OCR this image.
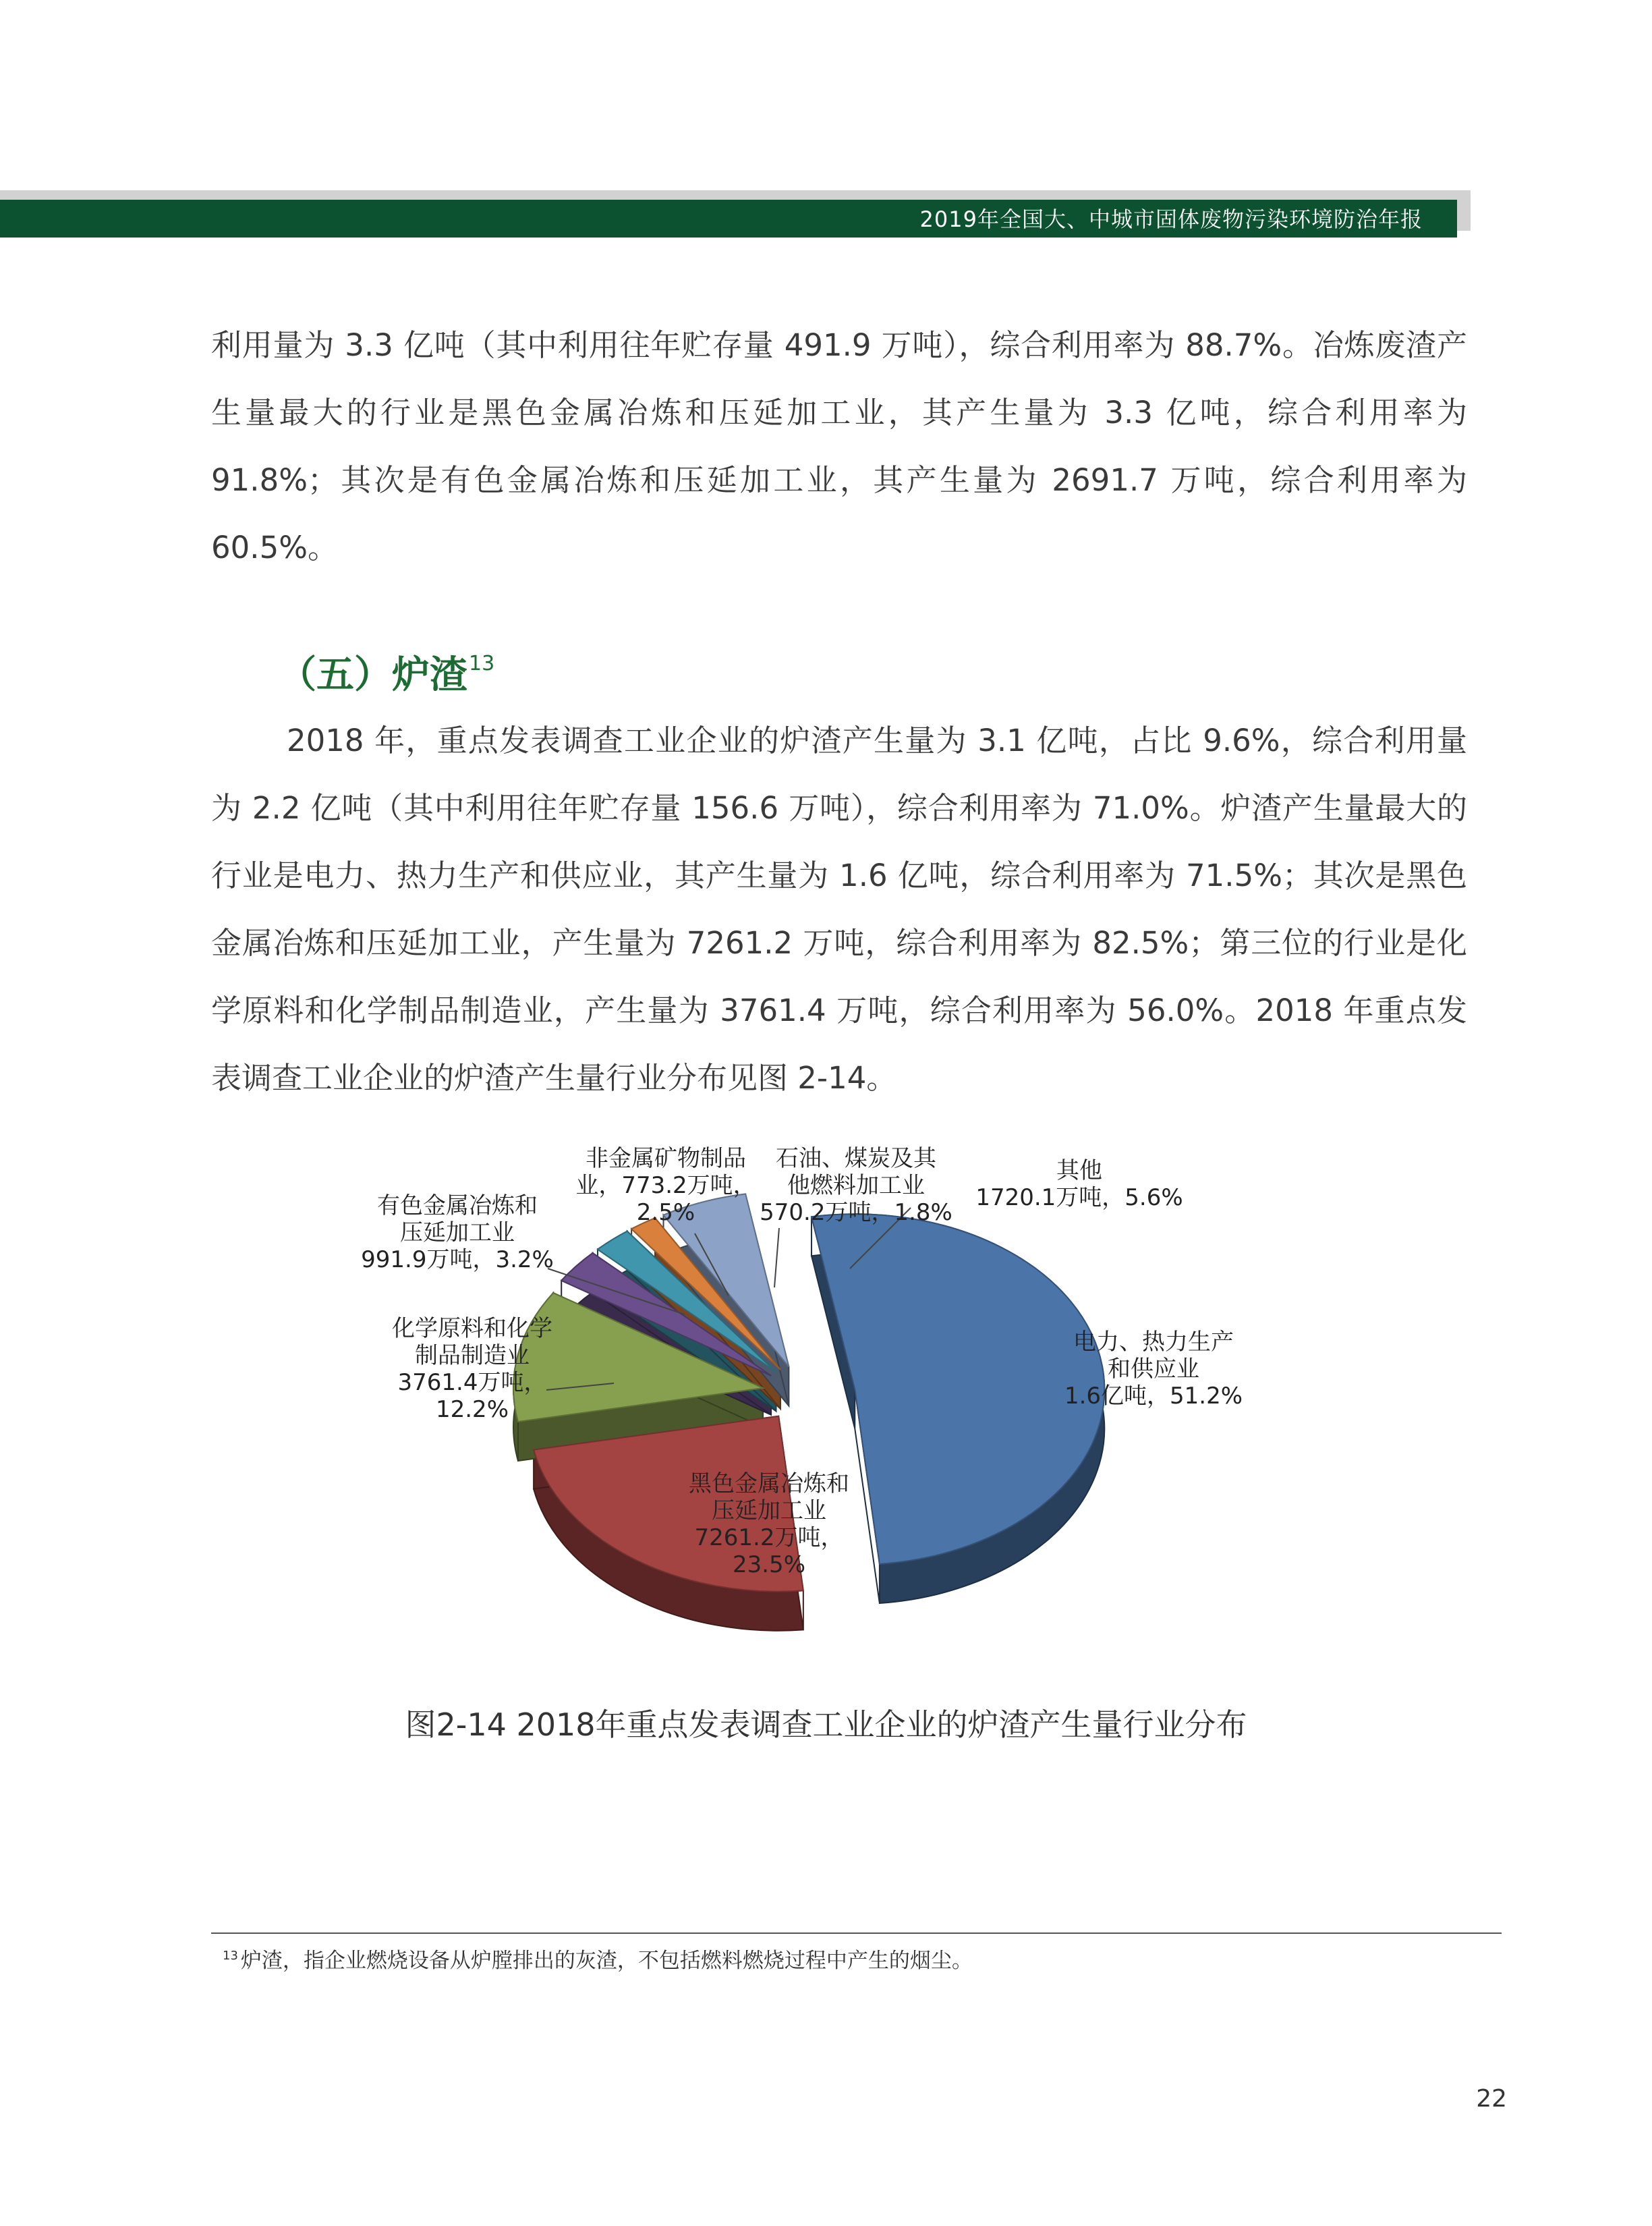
2019年全国大、中城市固体废物污染环境防治年报

利用量为 3.3 亿吨（其中利用往年贮存量 491.9 万吨），综合利用率为 88.7%。冶炼废渣产生量最大的行业是黑色金属冶炼和压延加工业，其产生量为 3.3 亿吨，综合利用率为 91.8%；其次是有色金属冶炼和压延加工业，其产生量为 2691.7 万吨，综合利用率为 60.5%。

（五）炉渣$^{13}$

2018 年，重点发表调查工业企业的炉渣产生量为 3.1 亿吨，占比 9.6%，综合利用量为 2.2 亿吨（其中利用往年贮存量 156.6 万吨），综合利用率为 71.0%。炉渣产生量最大的行业是电力、热力生产和供应业，其产生量为 1.6 亿吨，综合利用率为 71.5%；其次是黑色金属冶炼和压延加工业，产生量为 7261.2 万吨，综合利用率为 82.5%；第三位的行业是化学原料和化学制品制造业，产生量为 3761.4 万吨，综合利用率为 56.0%。2018 年重点发表调查工业企业的炉渣产生量行业分布见图 2-14。

电力、热力生产
和供应业
1.6亿吨，51.2%
黑色金属冶炼和
压延加工业
7261.2万吨，
23.5%
化学原料和化学
制品制造业
3761.4万吨，
12.2%
有色金属冶炼和
压延加工业
991.9万吨，3.2%
非金属矿物制品
业，773.2万吨，
2.5%
石油、煤炭及其
他燃料加工业
570.2万吨，1.8%
其他
1720.1万吨，5.6%
图2-14 2018年重点发表调查工业企业的炉渣产生量行业分布
$^{13}$ 炉渣，指企业燃烧设备从炉膛排出的灰渣，不包括燃料燃烧过程中产生的烟尘。
22
